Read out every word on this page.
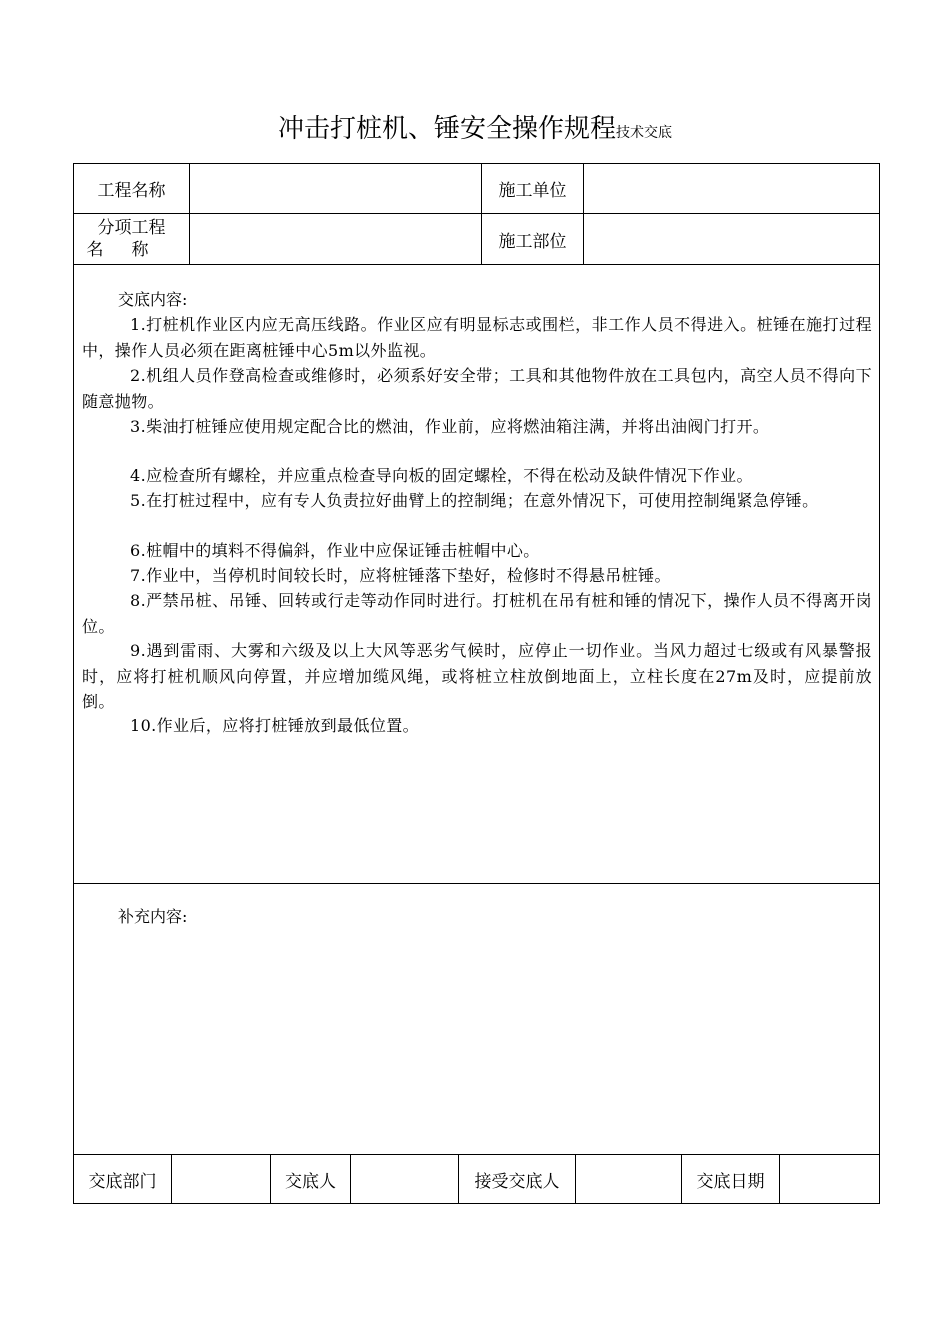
冲击打桩机、锤安全操作规程技术交底
工程名称	施工单位
分项工程
名称	施工部位
交底内容:
1.打桩机作业区内应无高压线路。作业区应有明显标志或围栏，非工作人员不得进入。桩锤在施打过程中，操作人员必须在距离桩锤中心5m以外监视。
2.机组人员作登高检查或维修时，必须系好安全带；工具和其他物件放在工具包内，高空人员不得向下随意抛物。
3.柴油打桩锤应使用规定配合比的燃油，作业前，应将燃油箱注满，并将出油阀门打开。
4.应检查所有螺栓，并应重点检查导向板的固定螺栓，不得在松动及缺件情况下作业。
5.在打桩过程中，应有专人负责拉好曲臂上的控制绳；在意外情况下，可使用控制绳紧急停锤。
6.桩帽中的填料不得偏斜，作业中应保证锤击桩帽中心。
7.作业中，当停机时间较长时，应将桩锤落下垫好，检修时不得悬吊桩锤。
8.严禁吊桩、吊锤、回转或行走等动作同时进行。打桩机在吊有桩和锤的情况下，操作人员不得离开岗位。
9.遇到雷雨、大雾和六级及以上大风等恶劣气候时，应停止一切作业。当风力超过七级或有风暴警报时，应将打桩机顺风向停置，并应增加缆风绳，或将桩立柱放倒地面上，立柱长度在27m及时，应提前放倒。
10.作业后，应将打桩锤放到最低位置。
补充内容:
交底部门	交底人	接受交底人	交底日期
